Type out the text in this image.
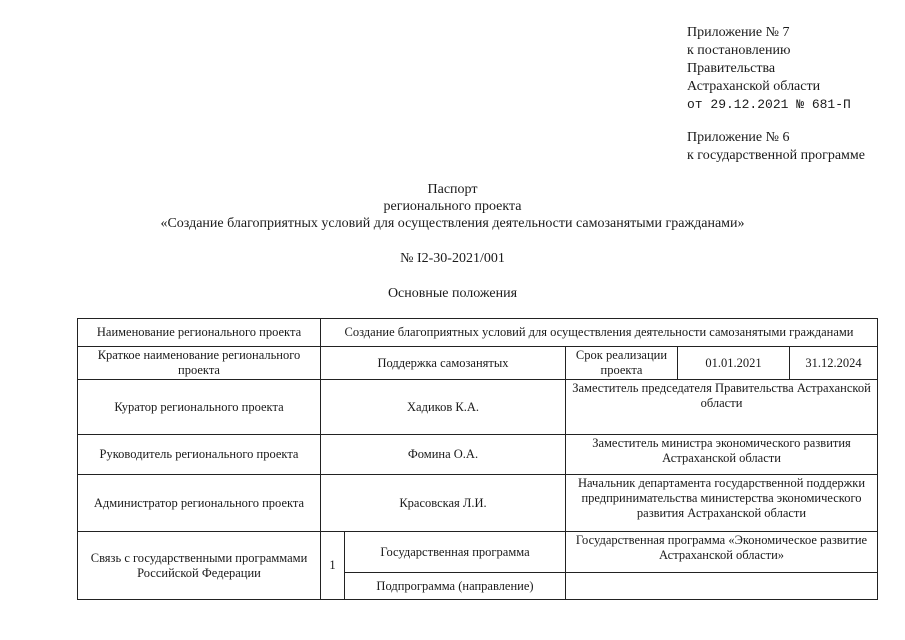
Приложение № 7
к постановлению
Правительства
Астраханской области
от 29.12.2021 № 681-П
Приложение № 6
к государственной программе
Паспорт
регионального проекта
«Создание благоприятных условий для осуществления деятельности самозанятыми гражданами»
№ I2-30-2021/001
Основные положения
Наименование регионального проекта	Создание благоприятных условий для осуществления деятельности самозанятыми гражданами				
Краткое наименование регионального проекта	Поддержка самозанятых		Срок реализации проекта	01.01.2021	31.12.2024
Куратор регионального проекта	Хадиков К.А.		Заместитель председателя Правительства Астраханской области		
Руководитель регионального проекта	Фомина О.А.		Заместитель министра экономического развития Астраханской области		
Администратор регионального проекта	Красовская Л.И.		Начальник департамента государственной поддержки предпринимательства министерства экономического развития Астраханской области		
Связь с государственными программами Российской Федерации	1	Государственная программа	Государственная программа «Экономическое развитие Астраханской области»		
		Подпрограмма (направление)			
